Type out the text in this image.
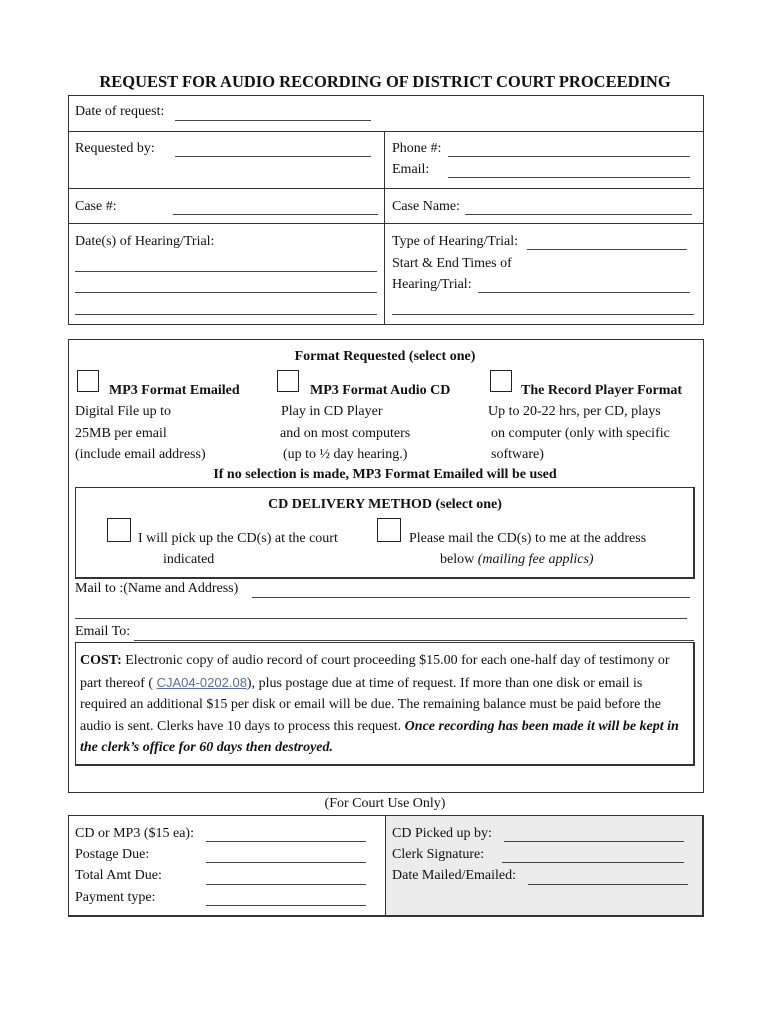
REQUEST FOR AUDIO RECORDING OF DISTRICT COURT PROCEEDING
Date of request:
Requested by:	Phone #:
Email:
Case #:	Case Name:
Date(s) of Hearing/Trial:	Type of Hearing/Trial:
Start & End Times of
Hearing/Trial:
Format Requested (select one)
MP3 Format Emailed
Digital File up to
25MB per email
(include email address)
MP3 Format Audio CD
Play in CD Player
and on most computers
(up to ½ day hearing.)
The Record Player Format
Up to 20-22 hrs, per CD, plays
on computer (only with specific
software)
If no selection is made, MP3 Format Emailed will be used
CD DELIVERY METHOD (select one)
I will pick up the CD(s) at the court
indicated
Please mail the CD(s) to me at the address
below (mailing fee applics)
Mail to :(Name and Address)
Email To:
COST: Electronic copy of audio record of court proceeding $15.00 for each one-half day of testimony or part thereof ( CJA04-0202.08), plus postage due at time of request. If more than one disk or email is required an additional $15 per disk or email will be due. The remaining balance must be paid before the audio is sent. Clerks have 10 days to process this request. Once recording has been made it will be kept in the clerk’s office for 60 days then destroyed.
(For Court Use Only)
CD or MP3 ($15 ea):
Postage Due:
Total Amt Due:
Payment type:
CD Picked up by:
Clerk Signature:
Date Mailed/Emailed:
